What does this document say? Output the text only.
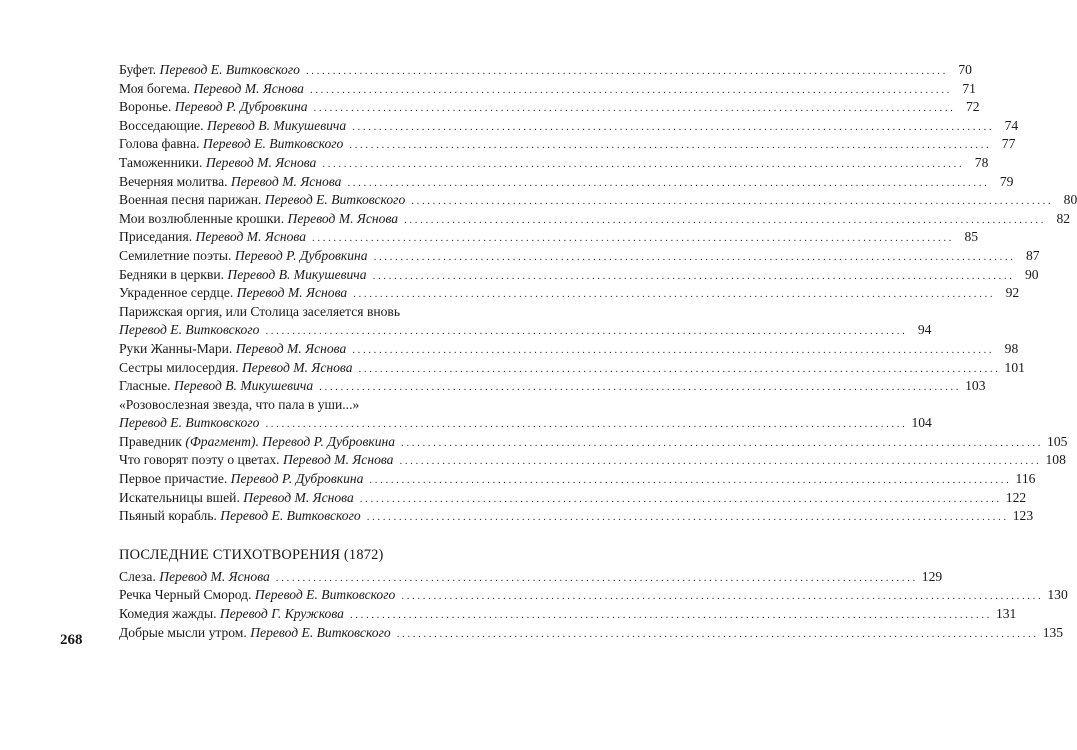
Буфет.
Перевод Е. Витковского ........................................................................................................................ 70
Моя богема.
Перевод М. Яснова ........................................................................................................................ 71
Воронье.
Перевод Р. Дубровкина ........................................................................................................................ 72
Восседающие.
Перевод В. Микушевича ........................................................................................................................ 74
Голова фавна.
Перевод Е. Витковского ........................................................................................................................ 77
Таможенники.
Перевод М. Яснова ........................................................................................................................ 78
Вечерняя молитва.
Перевод М. Яснова ........................................................................................................................ 79
Военная песня парижан.
Перевод Е. Витковского ........................................................................................................................ 80
Мои возлюбленные крошки.
Перевод М. Яснова ........................................................................................................................ 82
Приседания.
Перевод М. Яснова ........................................................................................................................ 85
Семилетние поэты.
Перевод Р. Дубровкина ........................................................................................................................ 87
Бедняки в церкви.
Перевод В. Микушевича ........................................................................................................................ 90
Украденное сердце.
Перевод М. Яснова ........................................................................................................................ 92
Парижская оргия, или Столица заселяется вновь
Перевод Е. Витковского ........................................................................................................................ 94
Руки Жанны-Мари.
Перевод М. Яснова ........................................................................................................................ 98
Сестры милосердия.
Перевод М. Яснова ........................................................................................................................ 101
Гласные.
Перевод В. Микушевича ........................................................................................................................ 103
«Розовослезная звезда, что пала в уши...»
Перевод Е. Витковского ........................................................................................................................ 104
Праведник
(Фрагмент).
Перевод Р. Дубровкина ........................................................................................................................ 105
Что говорят поэту о цветах.
Перевод М. Яснова ........................................................................................................................ 108
Первое причастие.
Перевод Р. Дубровкина ........................................................................................................................ 116
Искательницы вшей.
Перевод М. Яснова ........................................................................................................................ 122
Пьяный корабль.
Перевод Е. Витковского ........................................................................................................................ 123
ПОСЛЕДНИЕ СТИХОТВОРЕНИЯ (1872)
Слеза.
Перевод М. Яснова ........................................................................................................................ 129
Речка Черный Смород.
Перевод Е. Витковского ........................................................................................................................ 130
Комедия жажды.
Перевод Г. Кружкова ........................................................................................................................ 131
Добрые мысли утром.
Перевод Е. Витковского ........................................................................................................................ 135
268
